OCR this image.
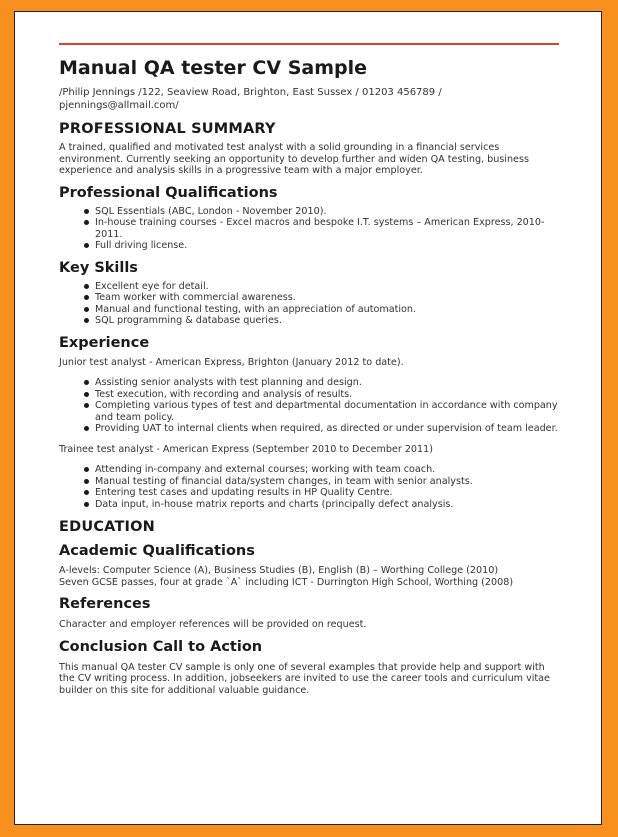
Manual QA tester CV Sample
/Philip Jennings /122, Seaview Road, Brighton, East Sussex / 01203 456789 / pjennings@allmail.com/
PROFESSIONAL SUMMARY

A trained, qualified and motivated test analyst with a solid grounding in a financial services environment. Currently seeking an opportunity to develop further and widen QA testing, business experience and analysis skills in a progressive team with a major employer.

Professional Qualifications
SQL Essentials (ABC, London - November 2010).
In-house training courses - Excel macros and bespoke I.T. systems – American Express, 2010-2011.
Full driving license.
Key Skills
Excellent eye for detail.
Team worker with commercial awareness.
Manual and functional testing, with an appreciation of automation.
SQL programming & database queries.
Experience

Junior test analyst - American Express, Brighton (January 2012 to date).

Assisting senior analysts with test planning and design.
Test execution, with recording and analysis of results.
Completing various types of test and departmental documentation in accordance with company and team policy.
Providing UAT to internal clients when required, as directed or under supervision of team leader.

Trainee test analyst - American Express (September 2010 to December 2011)

Attending in-company and external courses; working with team coach.
Manual testing of financial data/system changes, in team with senior analysts.
Entering test cases and updating results in HP Quality Centre.
Data input, in-house matrix reports and charts (principally defect analysis.
EDUCATION
Academic Qualifications

A-levels: Computer Science (A), Business Studies (B), English (B) – Worthing College (2010)

Seven GCSE passes, four at grade `A` including ICT - Durrington High School, Worthing (2008)

References

Character and employer references will be provided on request.

Conclusion Call to Action

This manual QA tester CV sample is only one of several examples that provide help and support with the CV writing process. In addition, jobseekers are invited to use the career tools and curriculum vitae builder on this site for additional valuable guidance.
